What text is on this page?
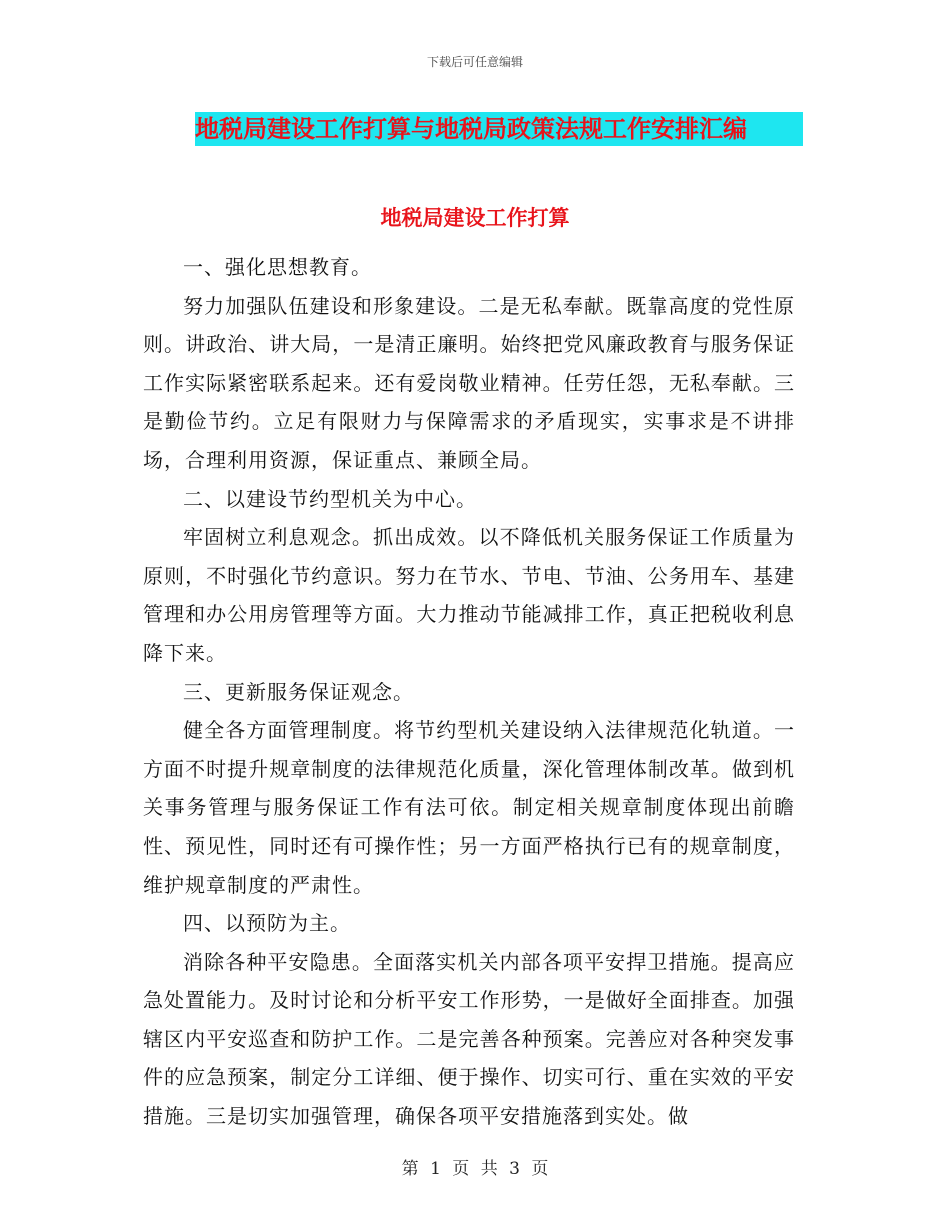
下载后可任意编辑
地税局建设工作打算与地税局政策法规工作安排汇编
地税局建设工作打算

一、强化思想教育。

努力加强队伍建设和形象建设。二是无私奉献。既靠高度的党性原则。讲政治、讲大局，一是清正廉明。始终把党风廉政教育与服务保证工作实际紧密联系起来。还有爱岗敬业精神。任劳任怨，无私奉献。三是勤俭节约。立足有限财力与保障需求的矛盾现实，实事求是不讲排场，合理利用资源，保证重点、兼顾全局。

二、以建设节约型机关为中心。

牢固树立利息观念。抓出成效。以不降低机关服务保证工作质量为原则，不时强化节约意识。努力在节水、节电、节油、公务用车、基建管理和办公用房管理等方面。大力推动节能减排工作，真正把税收利息降下来。

三、更新服务保证观念。

健全各方面管理制度。将节约型机关建设纳入法律规范化轨道。一方面不时提升规章制度的法律规范化质量，深化管理体制改革。做到机关事务管理与服务保证工作有法可依。制定相关规章制度体现出前瞻性、预见性，同时还有可操作性；另一方面严格执行已有的规章制度，维护规章制度的严肃性。

四、以预防为主。

消除各种平安隐患。全面落实机关内部各项平安捍卫措施。提高应急处置能力。及时讨论和分析平安工作形势，一是做好全面排查。加强辖区内平安巡查和防护工作。二是完善各种预案。完善应对各种突发事件的应急预案，制定分工详细、便于操作、切实可行、重在实效的平安措施。三是切实加强管理，确保各项平安措施落到实处。做

第 1 页 共 3 页
